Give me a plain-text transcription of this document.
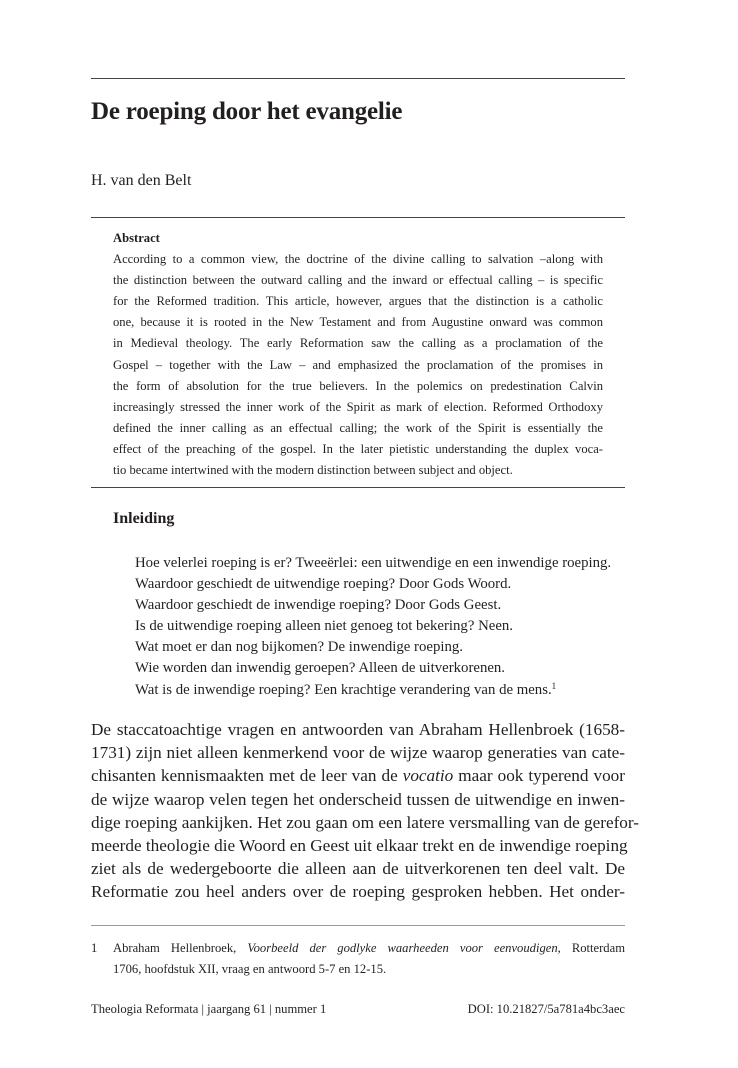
De roeping door het evangelie
H. van den Belt
Abstract
According to a common view, the doctrine of the divine calling to salvation –along with
the distinction between the outward calling and the inward or effectual calling – is specific
for the Reformed tradition. This article, however, argues that the distinction is a catholic
one, because it is rooted in the New Testament and from Augustine onward was common
in Medieval theology. The early Reformation saw the calling as a proclamation of the
Gospel – together with the Law – and emphasized the proclamation of the promises in
the form of absolution for the true believers. In the polemics on predestination Calvin
increasingly stressed the inner work of the Spirit as mark of election. Reformed Orthodoxy
defined the inner calling as an effectual calling; the work of the Spirit is essentially the
effect of the preaching of the gospel. In the later pietistic understanding the duplex voca-
tio became intertwined with the modern distinction between subject and object.
Inleiding
Hoe velerlei roeping is er? Tweeërlei: een uitwendige en een inwendige roeping.
Waardoor geschiedt de uitwendige roeping? Door Gods Woord.
Waardoor geschiedt de inwendige roeping? Door Gods Geest.
Is de uitwendige roeping alleen niet genoeg tot bekering? Neen.
Wat moet er dan nog bijkomen? De inwendige roeping.
Wie worden dan inwendig geroepen? Alleen de uitverkorenen.
Wat is de inwendige roeping? Een krachtige verandering van de mens.$^1$
De staccatoachtige vragen en antwoorden van Abraham Hellenbroek (1658-
1731) zijn niet alleen kenmerkend voor de wijze waarop generaties van cate-
chisanten kennismaakten met de leer van de vocatio maar ook typerend voor
de wijze waarop velen tegen het onderscheid tussen de uitwendige en inwen-
dige roeping aankijken. Het zou gaan om een latere versmalling van de gerefor-
meerde theologie die Woord en Geest uit elkaar trekt en de inwendige roeping
ziet als de wedergeboorte die alleen aan de uitverkorenen ten deel valt. De
Reformatie zou heel anders over de roeping gesproken hebben. Het onder-
1 Abraham Hellenbroek, Voorbeeld der godlyke waarheeden voor eenvoudigen, Rotterdam
1706, hoofdstuk XII, vraag en antwoord 5-7 en 12-15.
Theologia Reformata | jaargang 61 | nummer 1	DOI: 10.21827/5a781a4bc3aec
